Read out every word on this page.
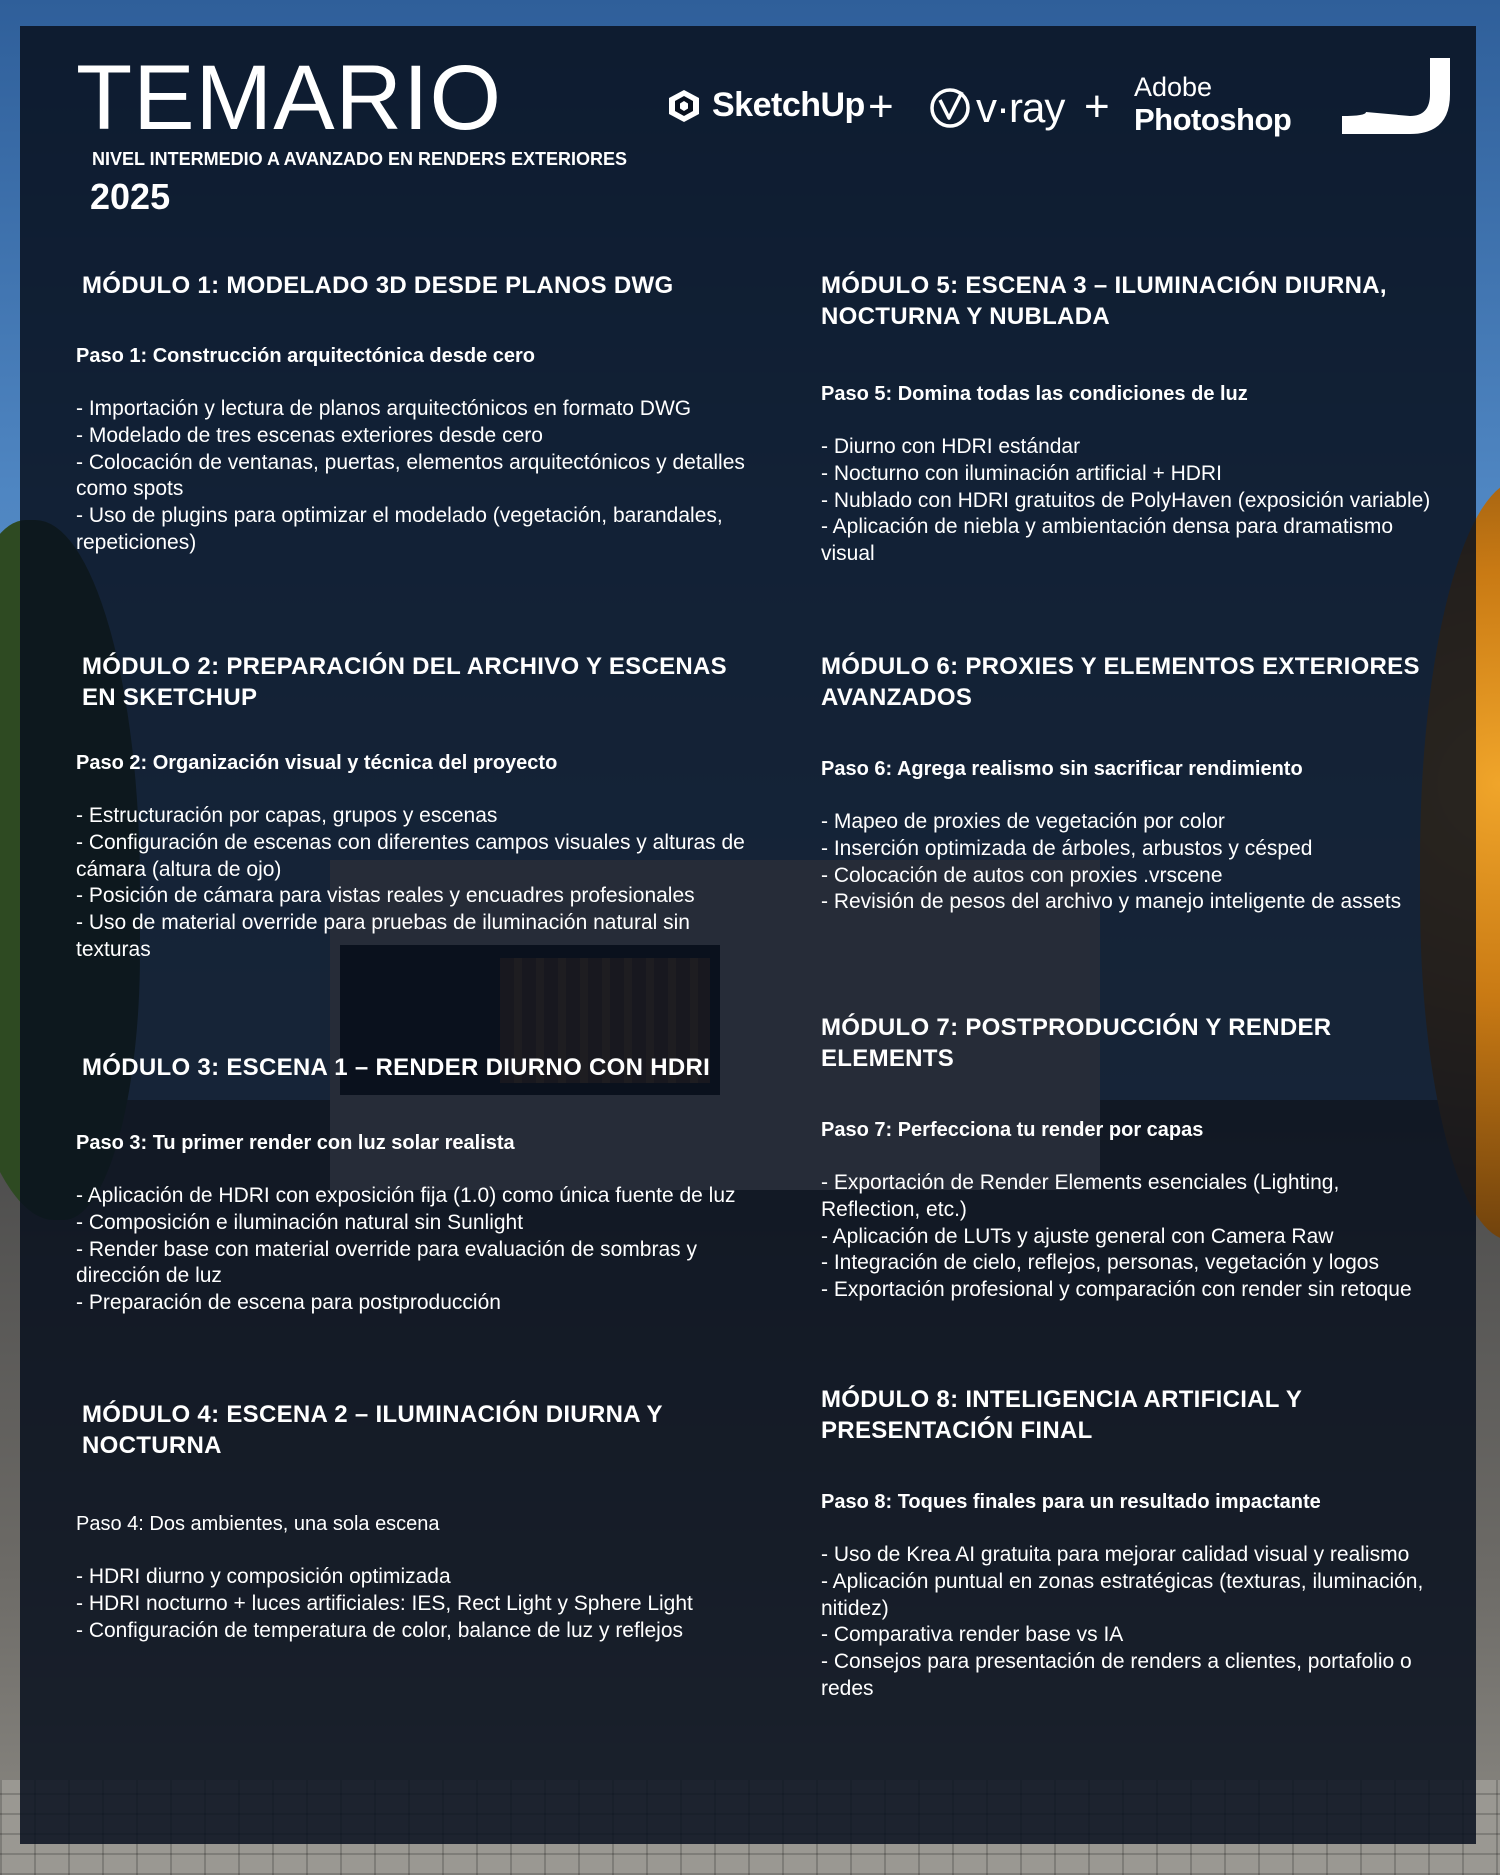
TEMARIO
NIVEL INTERMEDIO A AVANZADO EN RENDERS EXTERIORES
2025
SketchUp + v·ray + Adobe
Photoshop
MÓDULO 1: MODELADO 3D DESDE PLANOS DWG

Paso 1: Construcción arquitectónica desde cero

- Importación y lectura de planos arquitectónicos en formato DWG
- Modelado de tres escenas exteriores desde cero
- Colocación de ventanas, puertas, elementos arquitectónicos y detalles como spots
- Uso de plugins para optimizar el modelado (vegetación, barandales, repeticiones)
MÓDULO 2: PREPARACIÓN DEL ARCHIVO Y ESCENAS EN SKETCHUP

Paso 2: Organización visual y técnica del proyecto

- Estructuración por capas, grupos y escenas
- Configuración de escenas con diferentes campos visuales y alturas de cámara (altura de ojo)
- Posición de cámara para vistas reales y encuadres profesionales
- Uso de material override para pruebas de iluminación natural sin texturas
MÓDULO 3: ESCENA 1 – RENDER DIURNO CON HDRI

Paso 3: Tu primer render con luz solar realista

- Aplicación de HDRI con exposición fija (1.0) como única fuente de luz
- Composición e iluminación natural sin Sunlight
- Render base con material override para evaluación de sombras y dirección de luz
- Preparación de escena para postproducción
MÓDULO 4: ESCENA 2 – ILUMINACIÓN DIURNA Y NOCTURNA

Paso 4: Dos ambientes, una sola escena

- HDRI diurno y composición optimizada
- HDRI nocturno + luces artificiales: IES, Rect Light y Sphere Light
- Configuración de temperatura de color, balance de luz y reflejos
MÓDULO 5: ESCENA 3 – ILUMINACIÓN DIURNA, NOCTURNA Y NUBLADA

Paso 5: Domina todas las condiciones de luz

- Diurno con HDRI estándar
- Nocturno con iluminación artificial + HDRI
- Nublado con HDRI gratuitos de PolyHaven (exposición variable)
- Aplicación de niebla y ambientación densa para dramatismo visual
MÓDULO 6: PROXIES Y ELEMENTOS EXTERIORES AVANZADOS

Paso 6: Agrega realismo sin sacrificar rendimiento

- Mapeo de proxies de vegetación por color
- Inserción optimizada de árboles, arbustos y césped
- Colocación de autos con proxies .vrscene
- Revisión de pesos del archivo y manejo inteligente de assets
MÓDULO 7: POSTPRODUCCIÓN Y RENDER ELEMENTS

Paso 7: Perfecciona tu render por capas

- Exportación de Render Elements esenciales (Lighting, Reflection, etc.)
- Aplicación de LUTs y ajuste general con Camera Raw
- Integración de cielo, reflejos, personas, vegetación y logos
- Exportación profesional y comparación con render sin retoque
MÓDULO 8: INTELIGENCIA ARTIFICIAL Y PRESENTACIÓN FINAL

Paso 8: Toques finales para un resultado impactante

- Uso de Krea AI gratuita para mejorar calidad visual y realismo
- Aplicación puntual en zonas estratégicas (texturas, iluminación, nitidez)
- Comparativa render base vs IA
- Consejos para presentación de renders a clientes, portafolio o redes
